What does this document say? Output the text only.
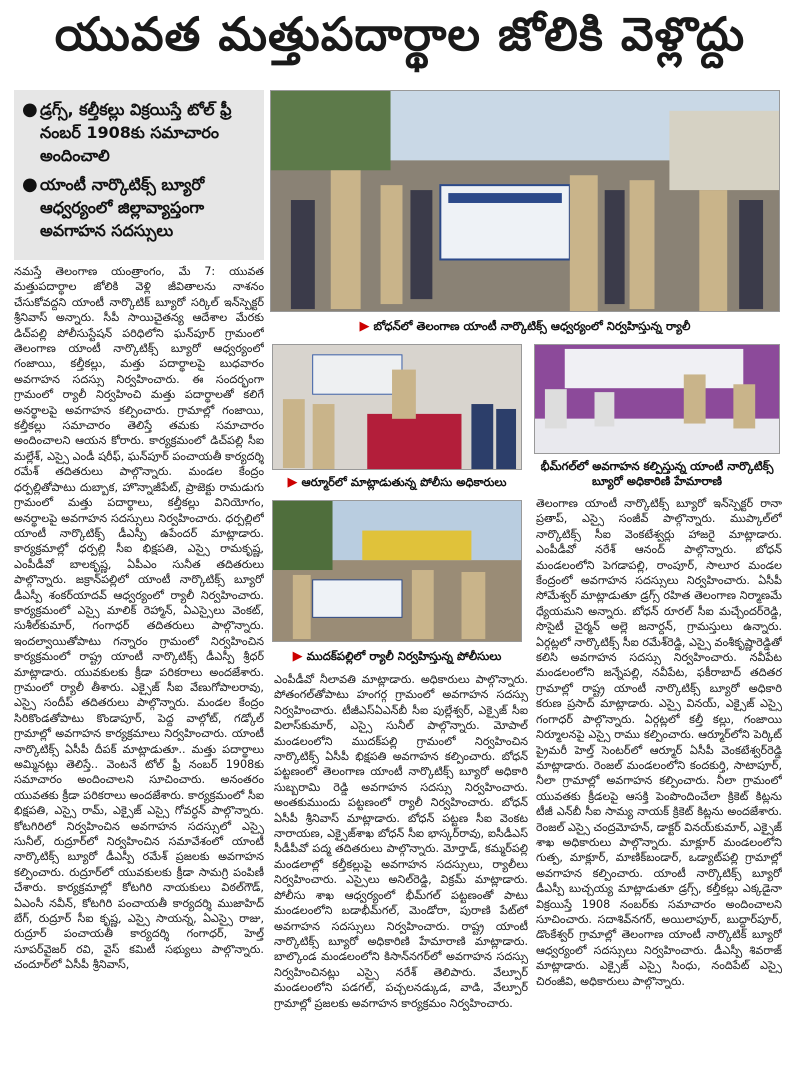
యువత మత్తుపదార్థాల జోలికి వెళ్లొద్దు
● డ్రగ్స్, కల్తీకల్లు విక్రయిస్తే టోల్ ఫ్రీ నంబర్ 1908కు సమాచారం అందించాలి
● యాంటీ నార్కొటిక్స్ బ్యూరో ఆధ్వర్యంలో జిల్లావ్యాప్తంగా అవగాహన సదస్సులు
▶ బోధన్‌లో తెలంగాణ యాంటీ నార్కొటిక్స్ ఆధ్వర్యంలో నిర్వహిస్తున్న ర్యాలీ
▶ ఆర్మూర్‌లో మాట్లాడుతున్న పోలీసు అధికారులు
భీమ్‌గల్‌లో అవగాహన కల్పిస్తున్న యాంటీ నార్కొటిక్స్ బ్యూరో అధికారిణి హేమారాణి
▶ ముదక్‌పల్లిలో ర్యాలీ నిర్వహిస్తున్న పోలీసులు
నమస్తే తెలంగాణ యంత్రాంగం, మే 7: యువత మత్తుపదార్థాల జోలికి వెళ్లి జీవితాలను నాశనం చేసుకోవద్దని యాంటీ నార్కొటిక్ బ్యూరో సర్కిల్ ఇన్‌స్పెక్టర్ శ్రీనివాస్ అన్నారు. సీపీ సాయిచైతన్య ఆదేశాల మేరకు డిచ్‌పల్లి పోలీసుస్టేషన్ పరిధిలోని ఘన్‌పూర్ గ్రామంలో తెలంగాణ యాంటీ నార్కొటిక్స్ బ్యూరో ఆధ్వర్యంలో గంజాయి, కల్తీకల్లు, మత్తు పదార్థాలపై బుధవారం అవగాహన సదస్సు నిర్వహించారు. ఈ సందర్భంగా గ్రామంలో ర్యాలీ నిర్వహించి మత్తు పదార్థాలతో కలిగే అనర్థాలపై అవగాహన కల్పించారు. గ్రామాల్లో గంజాయి, కల్తీకల్లు సమాచారం తెలిస్తే తమకు సమాచారం అందించాలని ఆయన కోరారు. కార్యక్రమంలో డిచ్‌పల్లి సీఐ మల్లేశ్, ఎస్సై ఎండీ షరీఫ్, ఘన్‌పూర్ పంచాయతీ కార్యదర్శి రమేశ్ తదితరులు పాల్గొన్నారు. మండల కేంద్రం ధర్పల్లితోపాటు దుబ్బాక, హొన్నాజీపేట్, ప్రాజెక్టు రామడుగు గ్రామంలో మత్తు పదార్థాలు, కల్తీకల్లు వినియోగం, అనర్థాలపై అవగాహన సదస్సులు నిర్వహించారు. ధర్పల్లిలో యాంటీ నార్కొటిక్స్ డీఎస్పీ ఉపేందర్ మాట్లాడారు. కార్యక్రమాల్లో ధర్పల్లి సీఐ భిక్షపతి, ఎస్సై రామకృష్ణ, ఎంపీడీవో బాలకృష్ణ, ఏపీఎం సునీత తదితరులు పాల్గొన్నారు. జక్రాన్‌పల్లిలో యాంటీ నార్కొటిక్స్ బ్యూరో డీఎస్పీ శంకర్‌యాదవ్ ఆధ్వర్యంలో ర్యాలీ నిర్వహించారు. కార్యక్రమంలో ఎస్సై మాలిక్ రెహ్మాన్, ఏఎస్సైలు వెంకట్, సుశీల్‌కుమార్, గంగాధర్ తదితరులు పాల్గొన్నారు. ఇందల్వాయితోపాటు గన్నారం గ్రామంలో నిర్వహించిన కార్యక్రమంలో రాష్ట్ర యాంటీ నార్కొటిక్స్ డీఎస్పీ శ్రీధర్ మాట్లాడారు. యువకులకు క్రీడా పరికరాలు అందజేశారు. గ్రామంలో ర్యాలీ తీశారు. ఎక్సైజ్ సీఐ వేణుగోపాలరావు, ఎస్సై సందీప్ తదితరులు పాల్గొన్నారు. మండల కేంద్రం సిరికొండతోపాటు కొండాపూర్, పెద్ద వాల్గోట్, గడ్కోల్ గ్రామాల్లో అవగాహన కార్యక్రమాలు నిర్వహించారు. యాంటీ నార్కొటిక్స్ ఏసీపీ దీపక్ మాట్లాడుతూ.. మత్తు పదార్థాలు అమ్మినట్లు తెలిస్తే.. వెంటనే టోల్ ఫ్రీ నంబర్ 1908కు సమాచారం అందించాలని సూచించారు. అనంతరం యువతకు క్రీడా పరికరాలు అందజేశారు. కార్యక్రమంలో సీఐ భిక్షపతి, ఎస్సై రామ్, ఎక్సైజ్ ఎస్సై గోవర్ధన్ పాల్గొన్నారు. కోటగిరిలో నిర్వహించిన అవగాహన సదస్సులో ఎస్సై సునీల్, రుద్రూర్‌లో నిర్వహించిన సమావేశంలో యాంటీ నార్కొటిక్స్ బ్యూరో డీఎస్పీ రమేశ్ ప్రజలకు అవగాహన కల్పించారు. రుద్రూర్‌లో యువకులకు క్రీడా సామగ్రి పంపిణీ చేశారు. కార్యక్రమాల్లో కోటగిరి నాయకులు విఠల్‌గౌడ్, ఏఎంసీ నవీన్, కోటగిరి పంచాయతీ కార్యదర్శి ముజాహిద్ బేగ్, రుద్రూర్ సీఐ కృష్ణ, ఎస్సై సాయన్న, ఏఎస్సై రాజు, రుద్రూర్ పంచాయతీ కార్యదర్శి గంగాధర్, హెల్త్ సూపర్‌వైజర్ రవి, వైస్ కమిటీ సభ్యులు పాల్గొన్నారు. చందూర్‌లో ఏసీపీ శ్రీనివాస్,
ఎంపీడీవో నీలావతి మాట్లాడారు. అధికారులు పాల్గొన్నారు. పోతంగల్‌తోపాటు హంగర్గ గ్రామంలో అవగాహన సదస్సు నిర్వహించారు. టీజీఎస్‌ఏఎన్‌బీ సీఐ పుల్లేశ్వర్, ఎక్సైజ్ సీఐ విలాస్‌కుమార్, ఎస్సై సునీల్ పాల్గొన్నారు. మోపాల్ మండలంలోని ముదక్‌పల్లి గ్రామంలో నిర్వహించిన నార్కొటిక్స్ ఏసీపీ భిక్షపతి అవగాహన కల్పించారు. బోధన్ పట్టణంలో తెలంగాణ యాంటీ నార్కొటిక్స్ బ్యూరో అధికారి సుబ్బరామి రెడ్డి అవగాహన సదస్సు నిర్వహించారు. అంతకుముందు పట్టణంలో ర్యాలీ నిర్వహించారు. బోధన్ ఏసీపీ శ్రీనివాస్ మాట్లాడారు. బోధన్ పట్టణ సీఐ వెంకట నారాయణ, ఎక్సైజ్‌శాఖ బోధన్ సీఐ భాస్కర్‌రావు, ఐసీడీఎస్ సీడీపీవో పద్మ తదితరులు పాల్గొన్నారు. మోర్తాడ్, కమ్మర్‌పల్లి మండలాల్లో కల్తీకల్లుపై అవగాహన సదస్సులు, ర్యాలీలు నిర్వహించారు. ఎస్సైలు అనిల్‌రెడ్డి, విక్రమ్ మాట్లాడారు. పోలీసు శాఖ ఆధ్వర్యంలో భీమ్‌గల్ పట్టణంతో పాటు మండలంలోని బడాభీమ్‌గల్, మెండోరా, పురాణి పేట్‌లో అవగాహన సదస్సులు నిర్వహించారు. రాష్ట్ర యాంటీ నార్కొటిక్స్ బ్యూరో అధికారిణి హేమారాణి మాట్లాడారు. బాల్కొండ మండలంలోని కిసాన్‌నగర్‌లో అవగాహన సదస్సు నిర్వహించినట్లు ఎస్సై నరేశ్ తెలిపారు. వేల్పూర్ మండలంలోని పడగల్, పచ్చలనడ్కుడ, వాడి, వేల్పూర్ గ్రామాల్లో ప్రజలకు అవగాహన కార్యక్రమం నిర్వహించారు.
తెలంగాణ యాంటీ నార్కొటిక్స్ బ్యూరో ఇన్‌స్పెక్టర్ రానా ప్రతాప్, ఎస్సై సంజీవ్ పాల్గొన్నారు. ముప్కాల్‌లో నార్కొటిక్స్ సీఐ వెంకటేశ్వర్లు హాజరై మాట్లాడారు. ఎంపీడీవో నరేశ్ ఆనంద్ పాల్గొన్నారు. బోధన్ మండలంలోని పెగడాపల్లి, రాంపూర్, సాలూర మండల కేంద్రంలో అవగాహన సదస్సులు నిర్వహించారు. ఏసీపీ సోమేశ్వర్ మాట్లాడుతూ డ్రగ్స్ రహిత తెలంగాణ నిర్మాణమే ధ్యేయమని అన్నారు. బోధన్ రూరల్ సీఐ మచ్చేందర్‌రెడ్డి, సొసైటీ చైర్మన్ అల్లె జనార్దన్, గ్రామస్తులు ఉన్నారు. ఏర్గట్లలో నార్కొటిక్స్ సీఐ రమేశ్‌రెడ్డి, ఎస్సై వంశీకృష్ణారెడ్డితో కలిసి అవగాహన సదస్సు నిర్వహించారు. నవీపేట మండలంలోని జన్నేపల్లి, నవీపేట, ఫకీరాబాద్ తదితర గ్రామాల్లో రాష్ట్ర యాంటీ నార్కొటిక్స్ బ్యూరో అధికారి కరుణ ప్రసాద్ మాట్లాడారు. ఎస్సై వినయ్, ఎక్సైజ్ ఎస్సై గంగాధర్ పాల్గొన్నారు. ఏర్గట్లలో కల్తీ కల్లు, గంజాయి నిర్మూలనపై ఎస్సై రాము కల్పించారు. ఆర్మూర్‌లోని పెర్కిట్ ప్రైమరీ హెల్త్ సెంటర్‌లో ఆర్మూర్ ఏసీపీ వెంకటేశ్వర్‌రెడ్డి మాట్లాడారు. రెంజల్ మండలంలోని కందకుర్తి, సాటాపూర్, నీలా గ్రామాల్లో అవగాహన కల్పించారు. నీలా గ్రామంలో యువతకు క్రీడలపై ఆసక్తి పెంపొందించేలా క్రికెట్ కిట్లను టీజీ ఎన్‌బీ సీఐ సామ్య నాయక్ క్రికెట్ కిట్లను అందజేశారు. రెంజల్ ఎస్సై చంద్రమోహన్, డాక్టర్ వినయ్‌కుమార్, ఎక్సైజ్ శాఖ అధికారులు పాల్గొన్నారు. మాక్లూర్ మండలంలోని గుత్ప, మాక్లూర్, మాణిక్‌బండార్, ఒడ్యాట్‌పల్లి గ్రామాల్లో అవగాహన కల్పించారు. యాంటీ నార్కొటిక్స్ బ్యూరో డీఎస్పీ బుచ్చయ్య మాట్లాడుతూ డ్రగ్స్, కల్తీకల్లు ఎక్కడైనా విక్రయిస్తే 1908 నంబర్‌కు సమాచారం అందించాలని సూచించారు. సదాశివ్‌నగర్, అయిలాపూర్, బుద్ధార్‌పూర్, డొంకేశ్వర్ గ్రామాల్లో తెలంగాణ యాంటీ నార్కొటిక్ బ్యూరో ఆధ్వర్యంలో సదస్సులు నిర్వహించారు. డీఎస్పీ శివరాజ్ మాట్లాడారు. ఎక్సైజ్ ఎస్సై సింధు, నందిపేట్ ఎస్సై చిరంజీవి, అధికారులు పాల్గొన్నారు.
